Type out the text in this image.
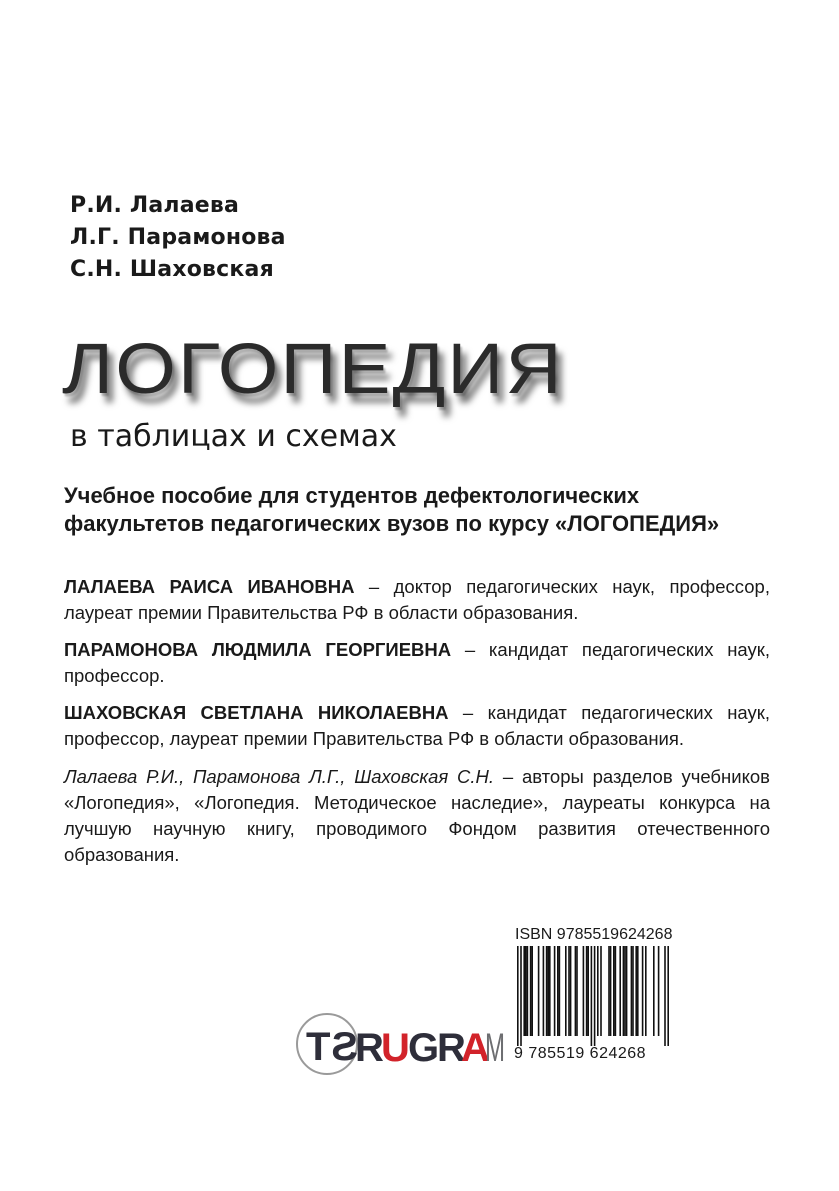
Р.И. Лалаева
Л.Г. Парамонова
С.Н. Шаховская
ЛОГОПЕДИЯ
в таблицах и схемах
Учебное пособие для студентов дефектологических факультетов педагогических вузов по курсу «ЛОГОПЕДИЯ»
ЛАЛАЕВА РАИСА ИВАНОВНА – доктор педагогических наук, профессор, лауреат премии Правительства РФ в области образования.
ПАРАМОНОВА ЛЮДМИЛА ГЕОРГИЕВНА – кандидат педагогических наук, профессор.
ШАХОВСКАЯ СВЕТЛАНА НИКОЛАЕВНА – кандидат педагогических наук, профессор, лауреат премии Правительства РФ в области образования.
Лалаева Р.И., Парамонова Л.Г., Шаховская С.Н. – авторы разделов учебников «Логопедия», «Логопедия. Методическое наследие», лауреаты конкурса на лучшую научную книгу, проводимого Фондом развития отечественного образования.
T S
R
U
G
R
A
M
ISBN 9785519624268
9 785519 624268
